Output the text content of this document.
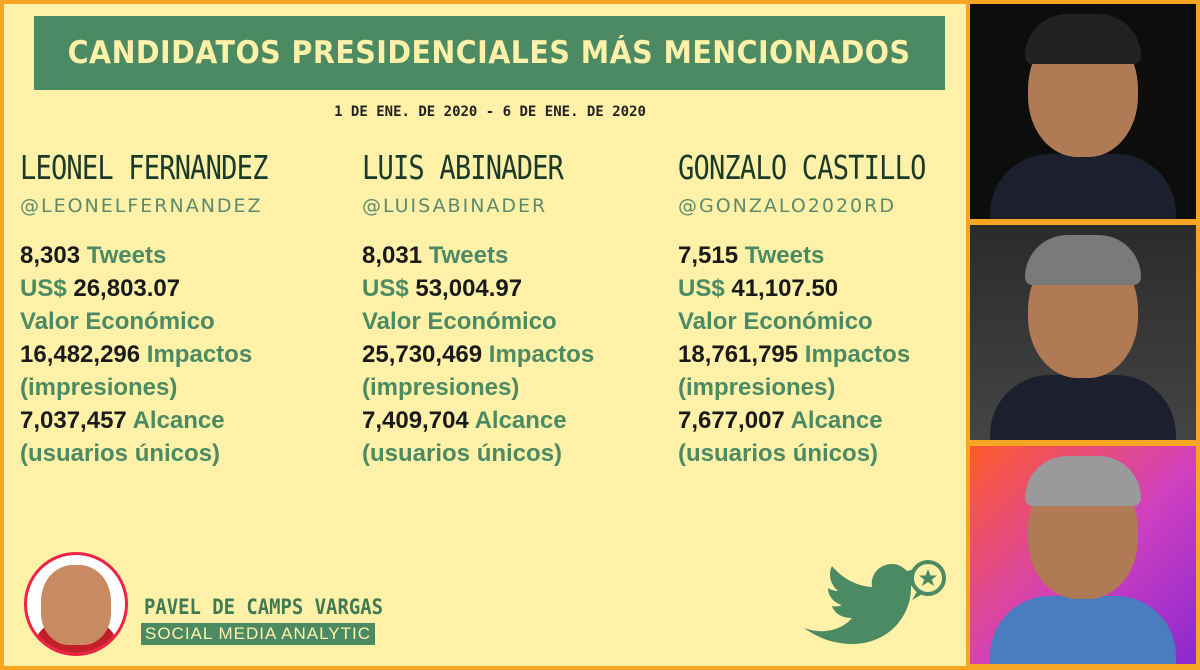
CANDIDATOS PRESIDENCIALES MÁS MENCIONADOS
1 DE ENE. DE 2020 - 6 DE ENE. DE 2020
LEONEL FERNANDEZ
@LEONELFERNANDEZ
8,303 Tweets
US$ 26,803.07
Valor Económico
16,482,296 Impactos
(impresiones)
7,037,457 Alcance
(usuarios únicos)
LUIS ABINADER
@LUISABINADER
8,031 Tweets
US$ 53,004.97
Valor Económico
25,730,469 Impactos
(impresiones)
7,409,704 Alcance
(usuarios únicos)
GONZALO CASTILLO
@GONZALO2020RD
7,515 Tweets
US$ 41,107.50
Valor Económico
18,761,795 Impactos
(impresiones)
7,677,007 Alcance
(usuarios únicos)
PAVEL DE CAMPS VARGAS
SOCIAL MEDIA ANALYTIC
